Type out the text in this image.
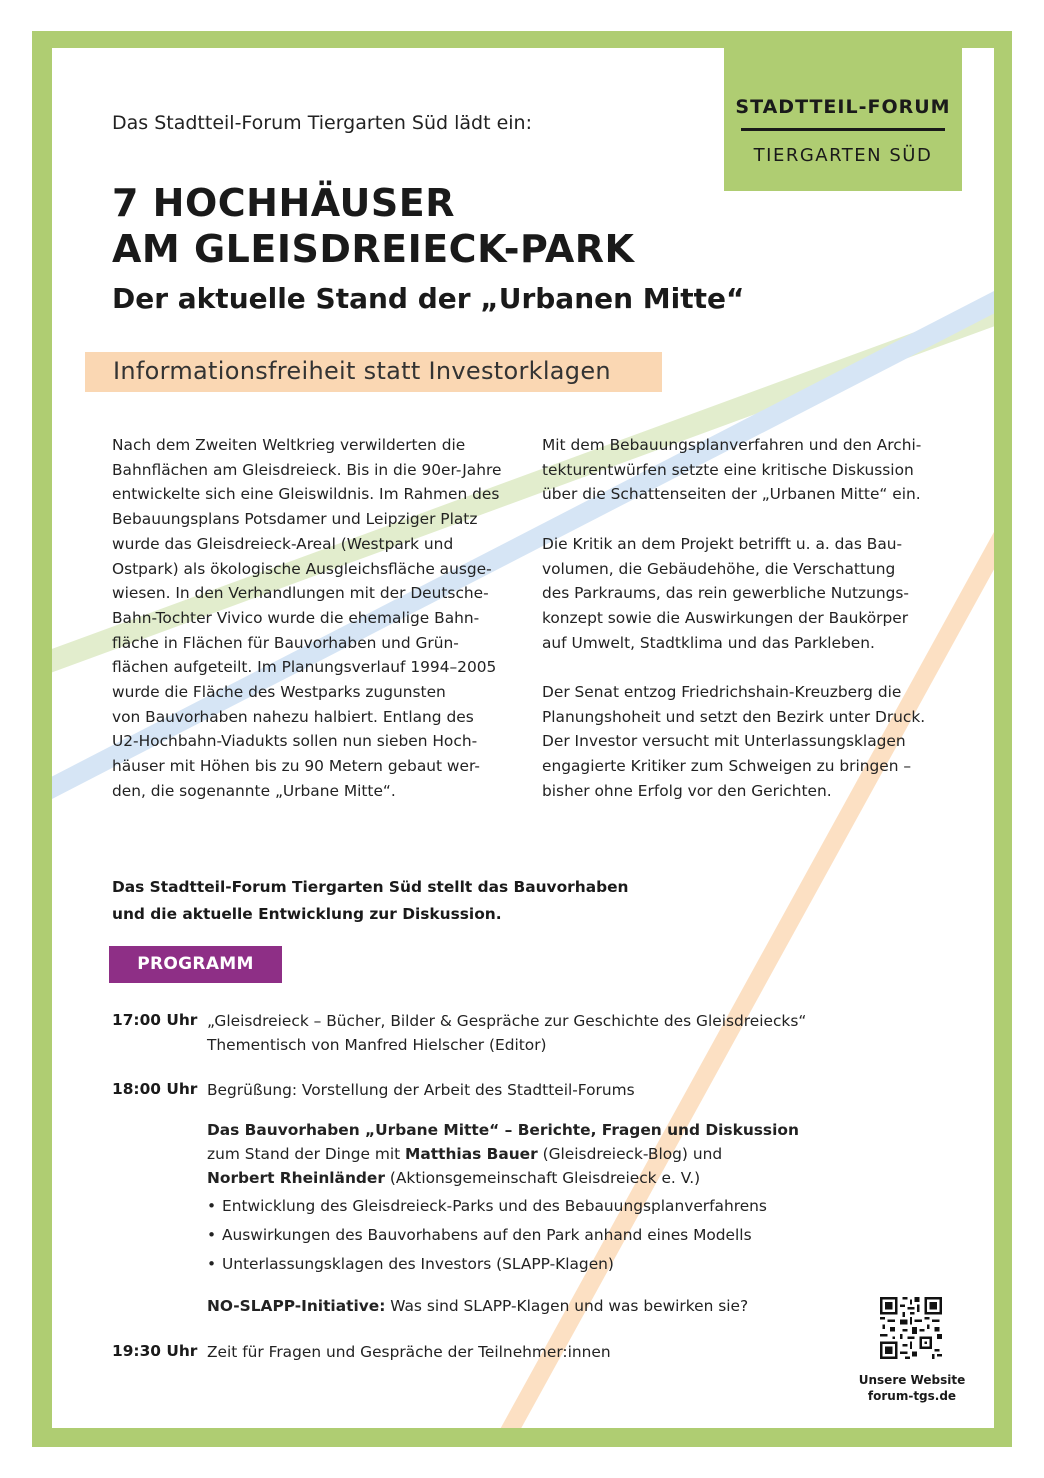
STADTTEIL-FORUM
TIERGARTEN SÜD
Das Stadtteil-Forum Tiergarten Süd lädt ein:
7 HOCHHÄUSER
AM GLEISDREIECK-PARK
Der aktuelle Stand der „Urbanen Mitte“
Informationsfreiheit statt Investorklagen
Nach dem Zweiten Weltkrieg verwilderten die
Bahnflächen am Gleisdreieck. Bis in die 90er-Jahre
entwickelte sich eine Gleiswildnis. Im Rahmen des
Bebauungsplans Potsdamer und Leipziger Platz
wurde das Gleisdreieck-Areal (Westpark und
Ostpark) als ökologische Ausgleichsfläche ausge-
wiesen. In den Verhandlungen mit der Deutsche-
Bahn-Tochter Vivico wurde die ehemalige Bahn-
fläche in Flächen für Bauvorhaben und Grün-
flächen aufgeteilt. Im Planungsverlauf 1994–2005
wurde die Fläche des Westparks zugunsten
von Bauvorhaben nahezu halbiert. Entlang des
U2-Hochbahn-Viadukts sollen nun sieben Hoch-
häuser mit Höhen bis zu 90 Metern gebaut wer-
den, die sogenannte „Urbane Mitte“.
Mit dem Bebauungsplanverfahren und den Archi-
tekturentwürfen setzte eine kritische Diskussion
über die Schattenseiten der „Urbanen Mitte“ ein.
Die Kritik an dem Projekt betrifft u. a. das Bau-
volumen, die Gebäudehöhe, die Verschattung
des Parkraums, das rein gewerbliche Nutzungs-
konzept sowie die Auswirkungen der Baukörper
auf Umwelt, Stadtklima und das Parkleben.
Der Senat entzog Friedrichshain-Kreuzberg die
Planungshoheit und setzt den Bezirk unter Druck.
Der Investor versucht mit Unterlassungsklagen
engagierte Kritiker zum Schweigen zu bringen –
bisher ohne Erfolg vor den Gerichten.
Das Stadtteil-Forum Tiergarten Süd stellt das Bauvorhaben
und die aktuelle Entwicklung zur Diskussion.
PROGRAMM
17:00 Uhr „Gleisdreieck – Bücher, Bilder & Gespräche zur Geschichte des Gleisdreiecks“
Thementisch von Manfred Hielscher (Editor)
18:00 Uhr Begrüßung: Vorstellung der Arbeit des Stadtteil-Forums
Das Bauvorhaben „Urbane Mitte“ – Berichte, Fragen und Diskussion
zum Stand der Dinge mit Matthias Bauer (Gleisdreieck-Blog) und
Norbert Rheinländer (Aktionsgemeinschaft Gleisdreieck e. V.)
• Entwicklung des Gleisdreieck-Parks und des Bebauungsplanverfahrens
• Auswirkungen des Bauvorhabens auf den Park anhand eines Modells
• Unterlassungsklagen des Investors (SLAPP-Klagen)
NO-SLAPP-Initiative: Was sind SLAPP-Klagen und was bewirken sie?
19:30 Uhr Zeit für Fragen und Gespräche der Teilnehmer:innen
Unsere Website
forum-tgs.de
